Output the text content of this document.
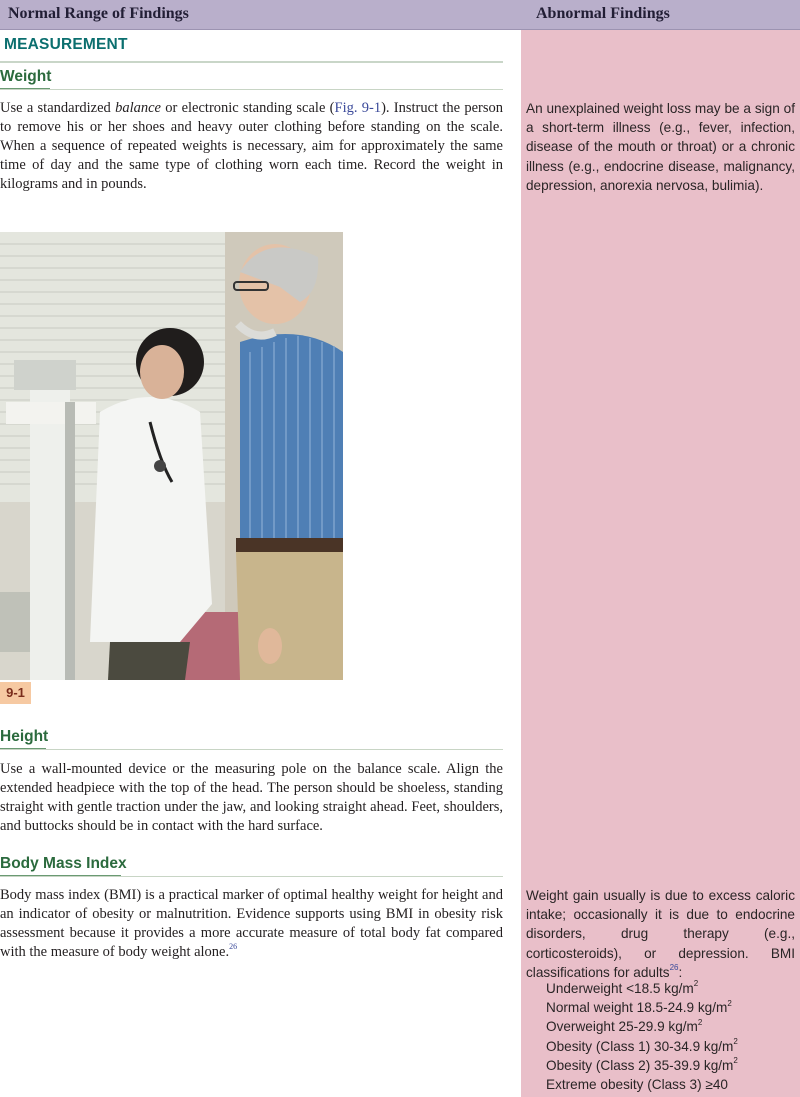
Normal Range of Findings	Abnormal Findings
MEASUREMENT
Weight
Use a standardized balance or electronic standing scale (Fig. 9-1). Instruct the person to remove his or her shoes and heavy outer clothing before standing on the scale. When a sequence of repeated weights is necessary, aim for approximately the same time of day and the same type of clothing worn each time. Record the weight in kilograms and in pounds.
An unexplained weight loss may be a sign of a short-term illness (e.g., fever, infection, disease of the mouth or throat) or a chronic illness (e.g., endocrine disease, malignancy, depression, anorexia nervosa, bulimia).
9-1
Height
Use a wall-mounted device or the measuring pole on the balance scale. Align the extended headpiece with the top of the head. The person should be shoeless, standing straight with gentle traction under the jaw, and looking straight ahead. Feet, shoulders, and buttocks should be in contact with the hard surface.
Body Mass Index
Body mass index (BMI) is a practical marker of optimal healthy weight for height and an indicator of obesity or malnutrition. Evidence supports using BMI in obesity risk assessment because it provides a more accurate measure of total body fat compared with the measure of body weight alone.$^{26}$
Weight gain usually is due to excess caloric intake; occasionally it is due to endocrine disorders, drug therapy (e.g., corticosteroids), or depression. BMI classifications for adults$^{26}$:
Underweight <18.5 $kg/m^2$
Normal weight 18.5-24.9 $kg/m^2$
Overweight 25-29.9 $kg/m^2$
Obesity (Class 1) 30-34.9 $kg/m^2$
Obesity (Class 2) 35-39.9 $kg/m^2$
Extreme obesity (Class 3) ≥40
